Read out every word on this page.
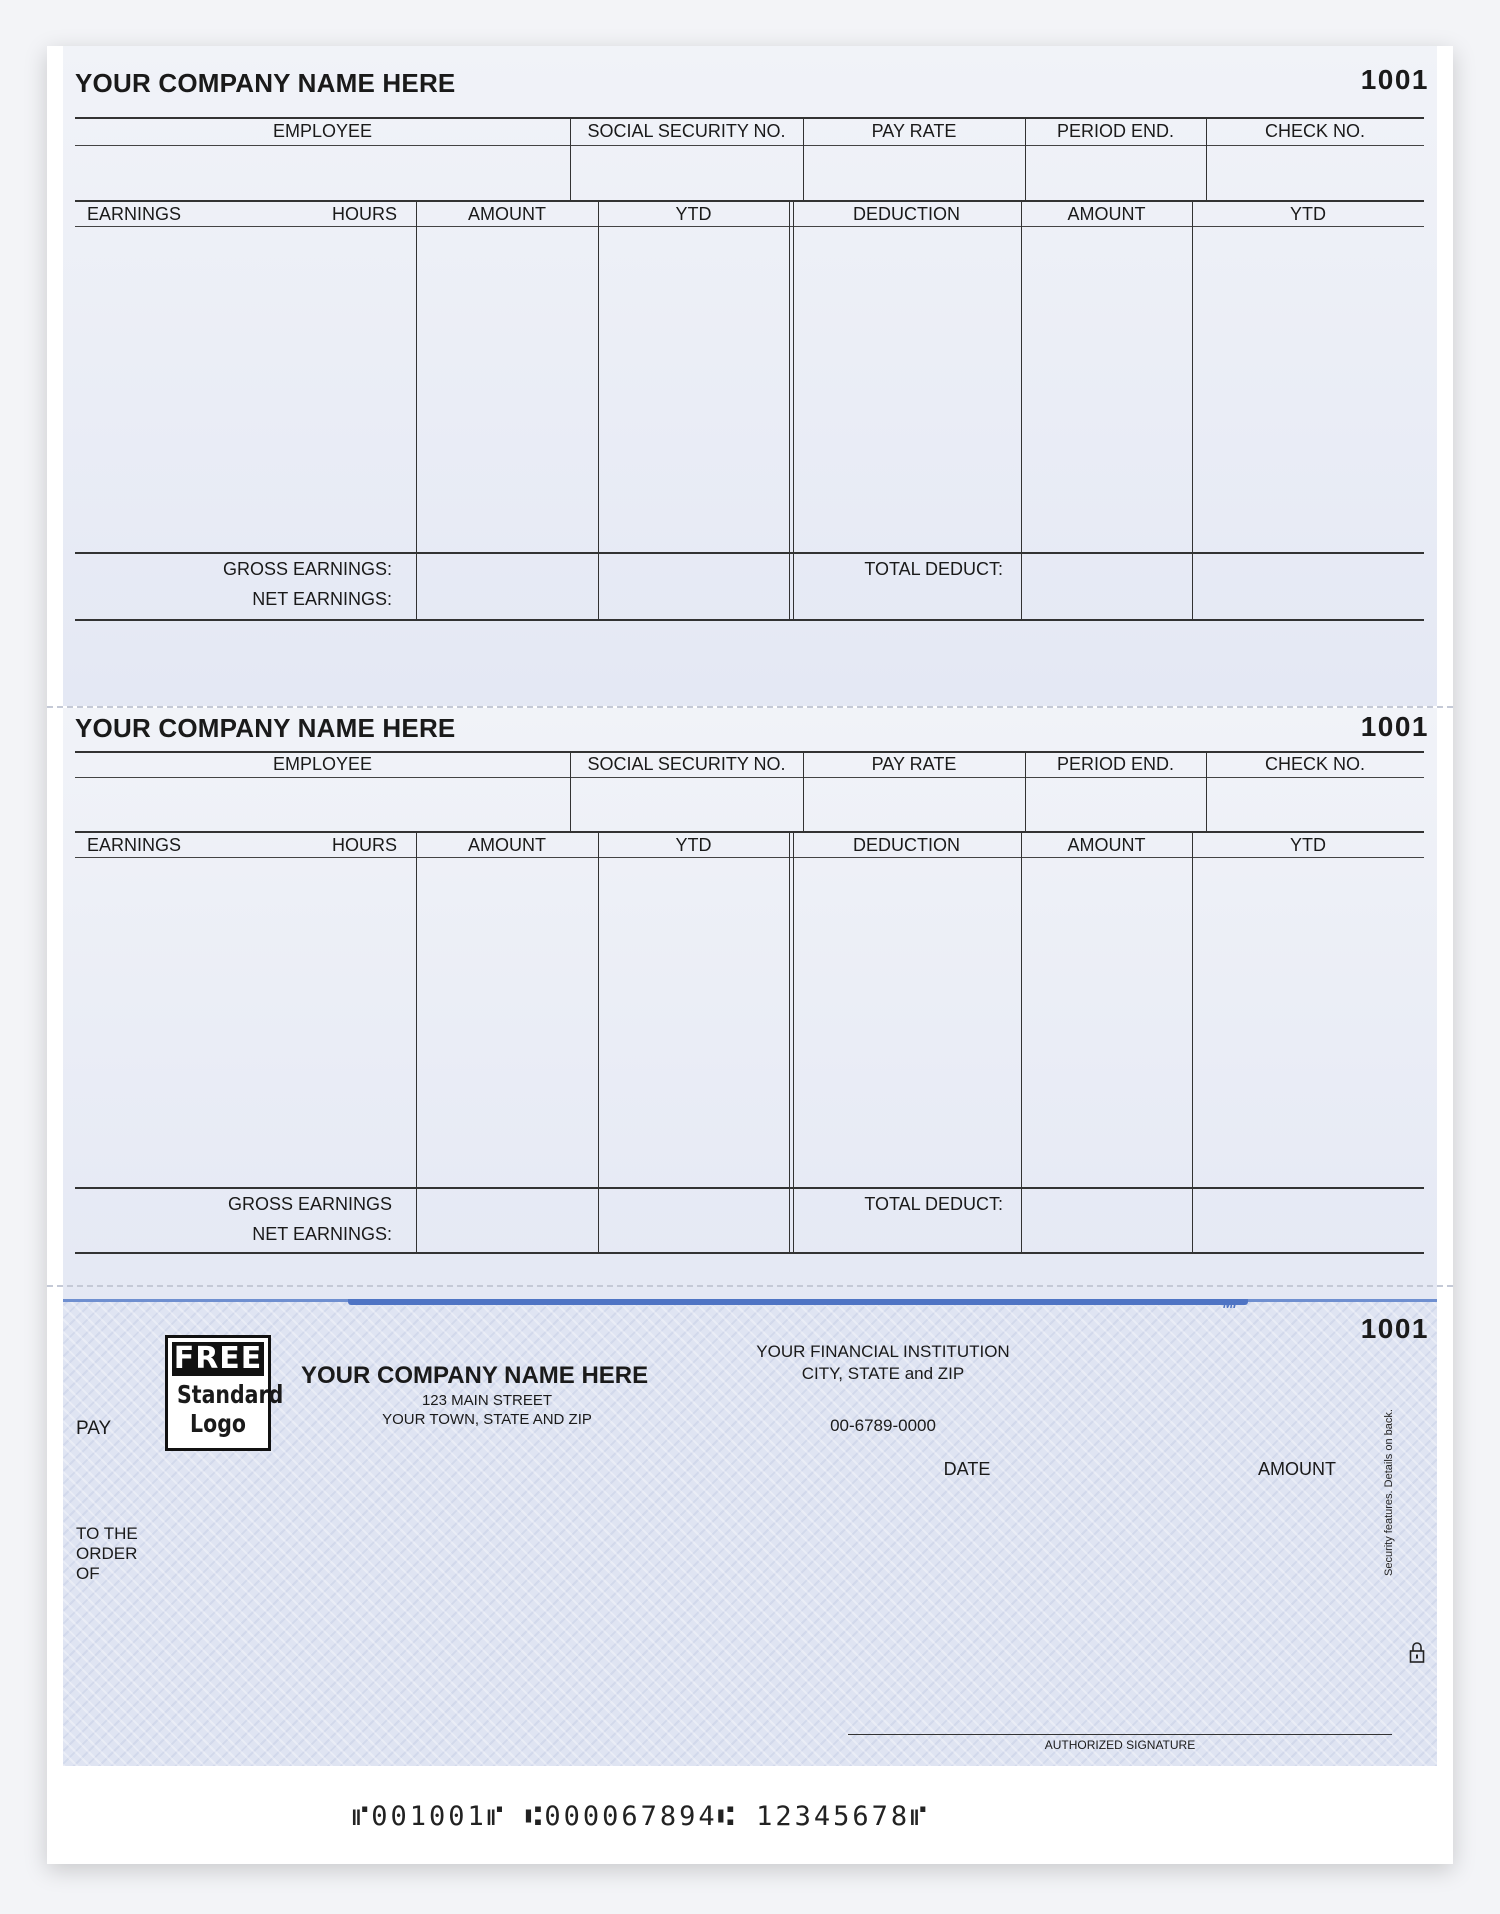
YOUR COMPANY NAME HERE	1001
EMPLOYEE	SOCIAL SECURITY NO.	PAY RATE	PERIOD END.	CHECK NO.
EARNINGS	HOURS	AMOUNT	YTD	DEDUCTION	AMOUNT	YTD
GROSS EARNINGS:
NET EARNINGS:
TOTAL DEDUCT:
YOUR COMPANY NAME HERE	1001
EMPLOYEE	SOCIAL SECURITY NO.	PAY RATE	PERIOD END.	CHECK NO.
EARNINGS	HOURS	AMOUNT	YTD	DEDUCTION	AMOUNT	YTD
GROSS EARNINGS
NET EARNINGS:
TOTAL DEDUCT:
MP
1001
FREE
Standard
Logo
YOUR COMPANY NAME HERE
123 MAIN STREET
YOUR TOWN, STATE AND ZIP
YOUR FINANCIAL INSTITUTION
CITY, STATE and ZIP
00-6789-0000
PAY
TO THE
ORDER
OF
DATE	AMOUNT
AUTHORIZED SIGNATURE
Security features. Details on back.
⑈001001⑈ ⑆000067894⑆ 12345678⑈
